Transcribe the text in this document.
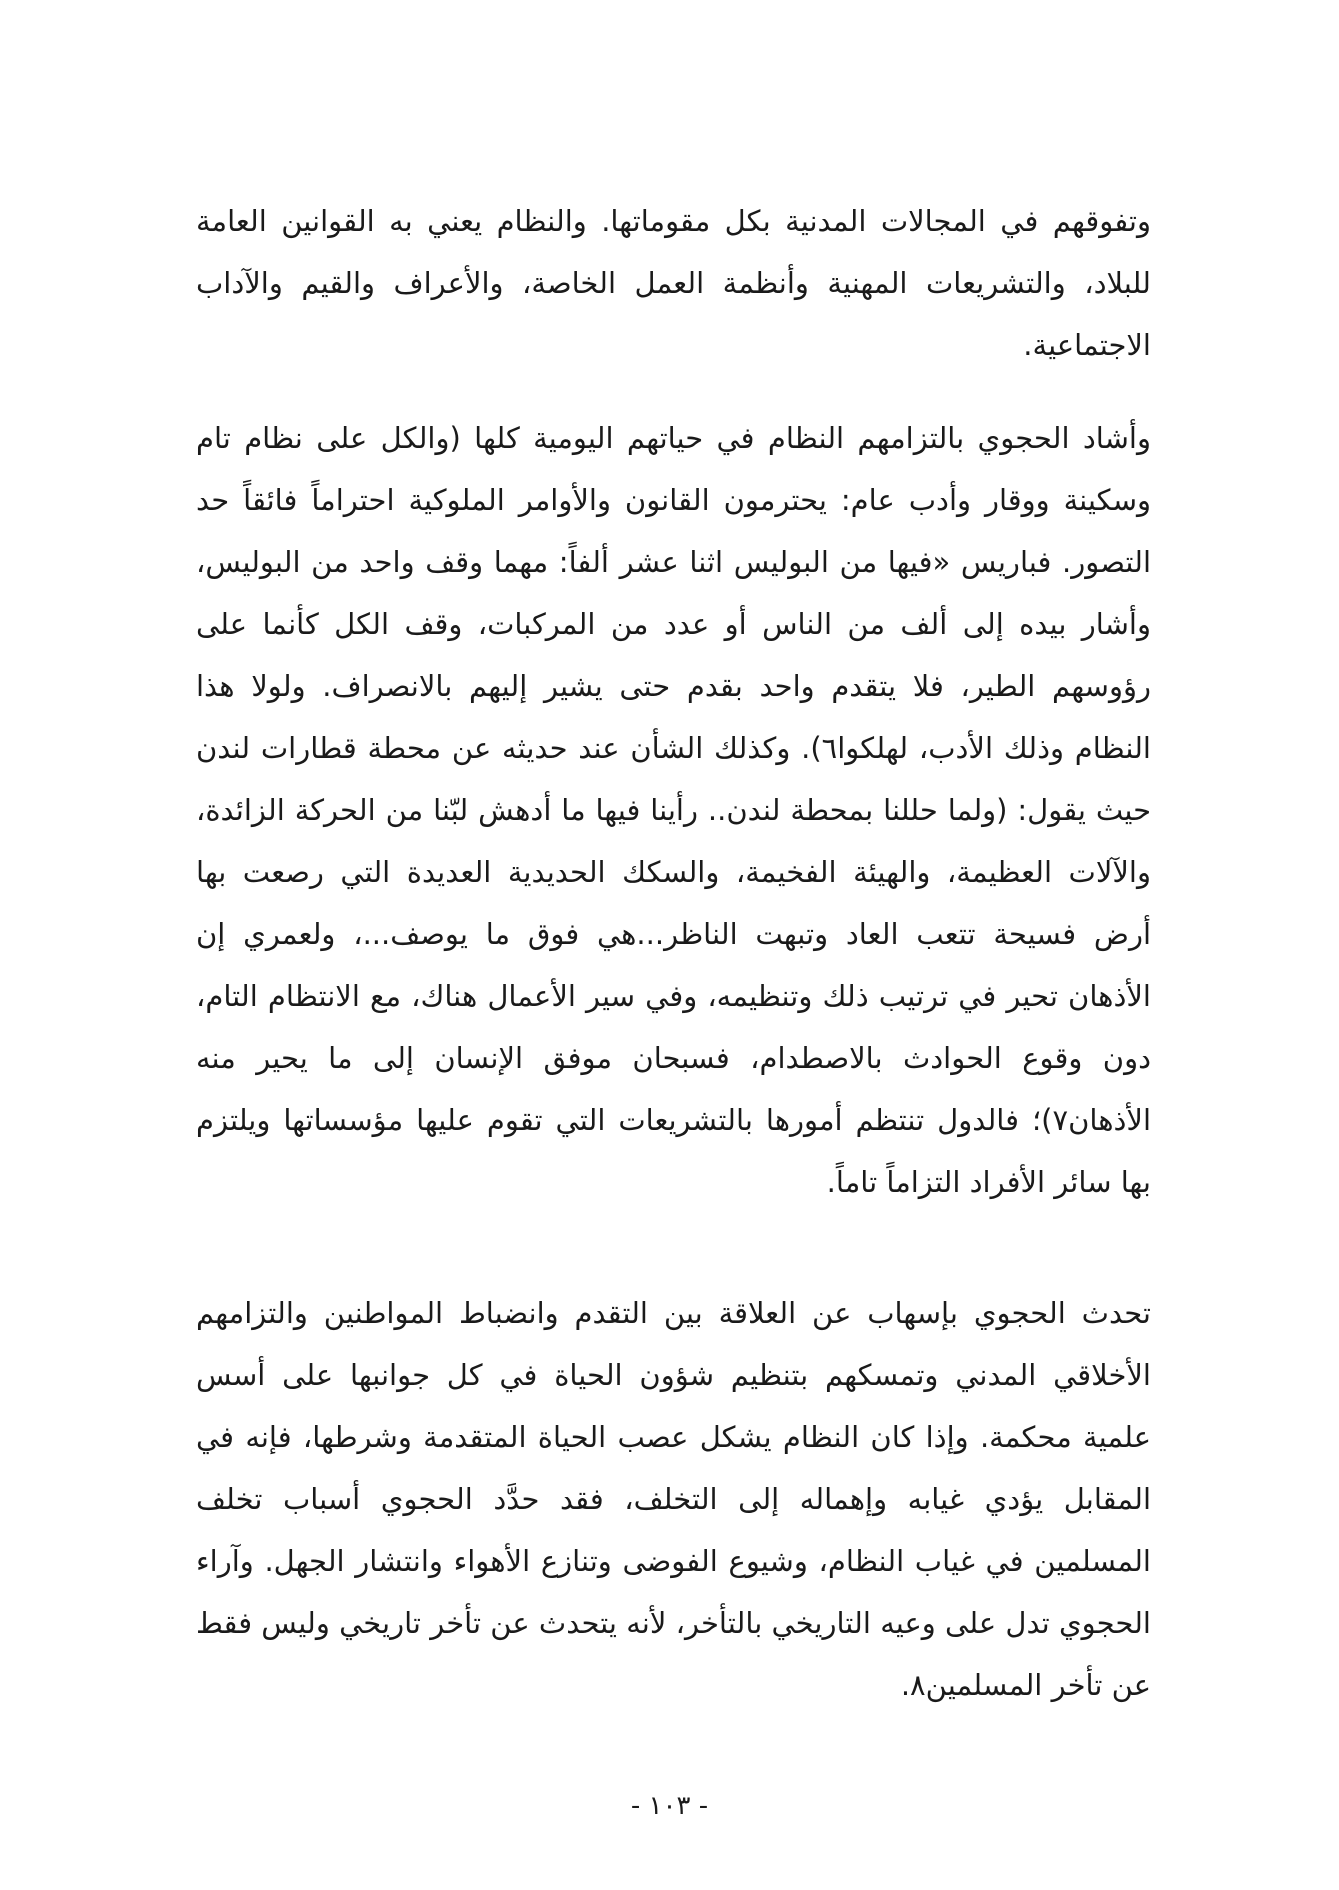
وتفوقهم في المجالات المدنية بكل مقوماتها. والنظام يعني به القوانين العامة للبلاد، والتشريعات المهنية وأنظمة العمل الخاصة، والأعراف والقيم والآداب الاجتماعية.

وأشاد الحجوي بالتزامهم النظام في حياتهم اليومية كلها (والكل على نظام تام وسكينة ووقار وأدب عام: يحترمون القانون والأوامر الملوكية احتراماً فائقاً حد التصور. فباريس «فيها من البوليس اثنا عشر ألفاً: مهما وقف واحد من البوليس، وأشار بيده إلى ألف من الناس أو عدد من المركبات، وقف الكل كأنما على رؤوسهم الطير، فلا يتقدم واحد بقدم حتى يشير إليهم بالانصراف. ولولا هذا النظام وذلك الأدب، لهلكوا٦). وكذلك الشأن عند حديثه عن محطة قطارات لندن حيث يقول: (ولما حللنا بمحطة لندن.. رأينا فيها ما أدهش لبّنا من الحركة الزائدة، والآلات العظيمة، والهيئة الفخيمة، والسكك الحديدية العديدة التي رصعت بها أرض فسيحة تتعب العاد وتبهت الناظر...هي فوق ما يوصف...، ولعمري إن الأذهان تحير في ترتيب ذلك وتنظيمه، وفي سير الأعمال هناك، مع الانتظام التام، دون وقوع الحوادث بالاصطدام، فسبحان موفق الإنسان إلى ما يحير منه الأذهان٧)؛ فالدول تنتظم أمورها بالتشريعات التي تقوم عليها مؤسساتها ويلتزم بها سائر الأفراد التزاماً تاماً.

تحدث الحجوي بإسهاب عن العلاقة بين التقدم وانضباط المواطنين والتزامهم الأخلاقي المدني وتمسكهم بتنظيم شؤون الحياة في كل جوانبها على أسس علمية محكمة. وإذا كان النظام يشكل عصب الحياة المتقدمة وشرطها، فإنه في المقابل يؤدي غيابه وإهماله إلى التخلف، فقد حدَّد الحجوي أسباب تخلف المسلمين في غياب النظام، وشيوع الفوضى وتنازع الأهواء وانتشار الجهل. وآراء الحجوي تدل على وعيه التاريخي بالتأخر، لأنه يتحدث عن تأخر تاريخي وليس فقط عن تأخر المسلمين٨.

- ١٠٣ -
